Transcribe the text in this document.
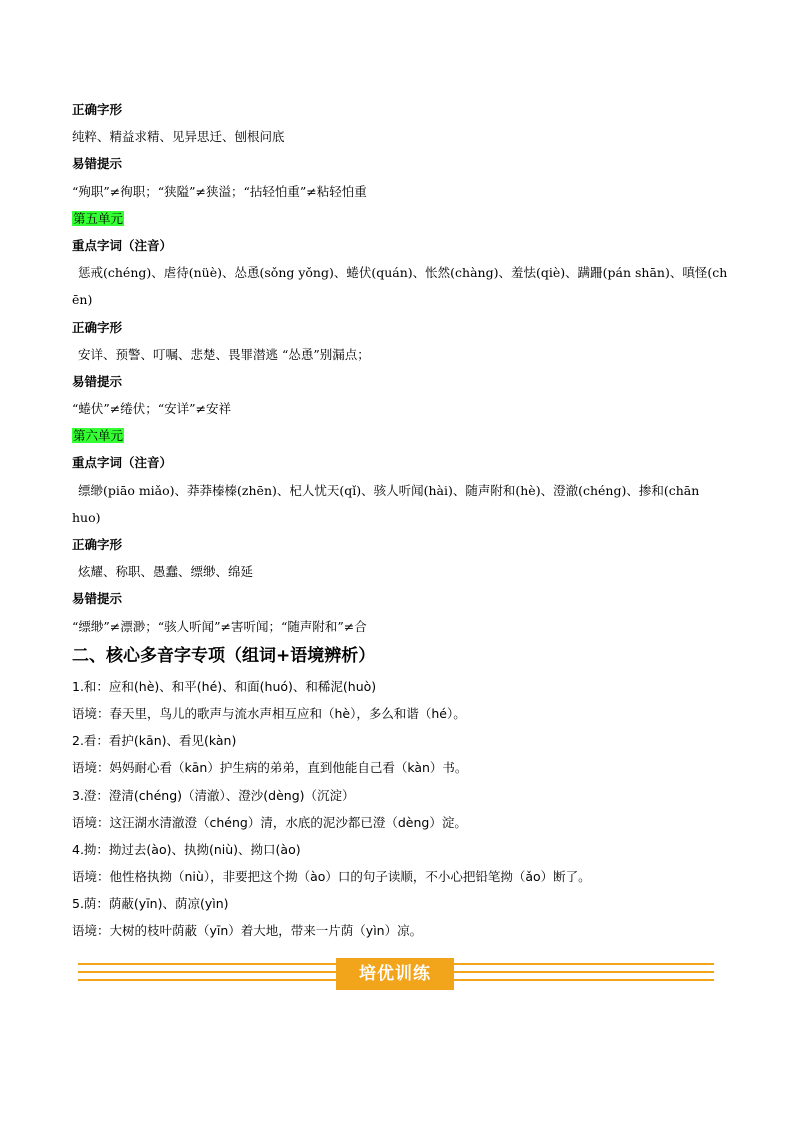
正确字形
纯粹、精益求精、见异思迁、刨根问底
易错提示
“殉职”≠徇职；“狭隘”≠狭溢；“拈轻怕重”≠粘轻怕重
第五单元
重点字词（注音）
惩戒(chéng)、虐待(nüè)、怂恿(sǒng yǒng)、蜷伏(quán)、怅然(chàng)、羞怯(qiè)、蹒跚(pán shān)、嗔怪(ch
ēn)
正确字形
安详、预警、叮嘱、悲楚、畏罪潜逃 “怂恿”别漏点；
易错提示
“蜷伏”≠绻伏；“安详”≠安祥
第六单元
重点字词（注音）
缥缈(piāo miǎo)、莽莽榛榛(zhēn)、杞人忧天(qǐ)、骇人听闻(hài)、随声附和(hè)、澄澈(chéng)、掺和(chān
huo)
正确字形
炫耀、称职、愚蠢、缥缈、绵延
易错提示
“缥缈”≠漂渺；“骇人听闻”≠害听闻；“随声附和”≠合
二、核心多音字专项（组词+语境辨析）
1.和：应和(hè)、和平(hé)、和面(huó)、和稀泥(huò)
语境：春天里，鸟儿的歌声与流水声相互应和（hè），多么和谐（hé）。
2.看：看护(kān)、看见(kàn)
语境：妈妈耐心看（kān）护生病的弟弟，直到他能自己看（kàn）书。
3.澄：澄清(chéng)（清澈）、澄沙(dèng)（沉淀）
语境：这汪湖水清澈澄（chéng）清，水底的泥沙都已澄（dèng）淀。
4.拗：拗过去(ào)、执拗(niù)、拗口(ào)
语境：他性格执拗（niù），非要把这个拗（ào）口的句子读顺，不小心把铅笔拗（ǎo）断了。
5.荫：荫蔽(yīn)、荫凉(yìn)
语境：大树的枝叶荫蔽（yīn）着大地，带来一片荫（yìn）凉。
培优训练
